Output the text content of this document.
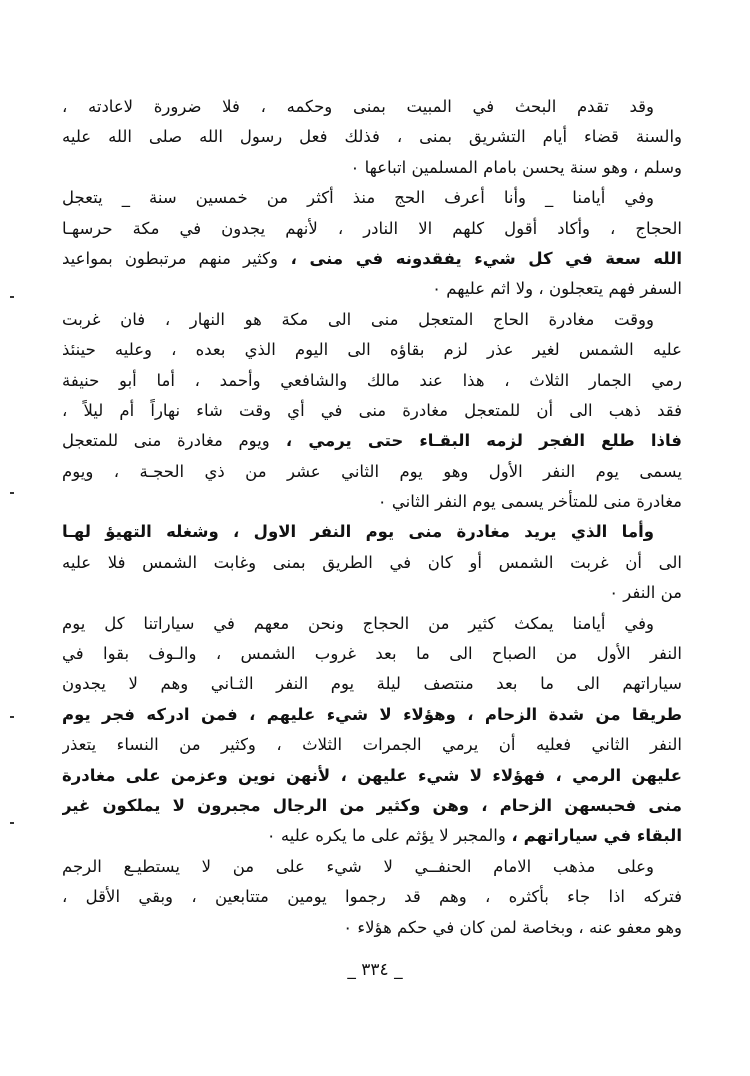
وقد تقدم البحث في المبيت بمنى وحكمه ، فلا ضرورة لاعادته ،
والسنة قضاء أيام التشريق بمنى ، فذلك فعل رسول الله صلى الله عليه
وسلم ، وهو سنة يحسن بامام المسلمين اتباعها ٠
وفي أيامنا _ وأنا أعرف الحج منذ أكثر من خمسين سنة _ يتعجل
الحجاج ، وأكاد أقول كلهم الا النادر ، لأنهم يجدون في مكة حرسهـا
الله سعة في كل شيء يفقدونه في منى ، وكثير منهم مرتبطون بمواعيد
السفر فهم يتعجلون ، ولا اثم عليهم ٠
ووقت مغادرة الحاج المتعجل منى الى مكة هو النهار ، فان غربت
عليه الشمس لغير عذر لزم بقاؤه الى اليوم الذي بعده ، وعليه حينئذ
رمي الجمار الثلاث ، هذا عند مالك والشافعي وأحمد ، أما أبو حنيفة
فقد ذهب الى أن للمتعجل مغادرة منى في أي وقت شاء نهاراً أم ليلاً ،
فاذا طلع الفجر لزمه البقـاء حتى يرمي ، ويوم مغادرة منى للمتعجل
يسمى يوم النفر الأول وهو يوم الثاني عشر من ذي الحجـة ، ويوم
مغادرة منى للمتأخر يسمى يوم النفر الثاني ٠
وأما الذي يريد مغادرة منى يوم النفر الاول ، وشغله التهيؤ لهـا
الى أن غربت الشمس أو كان في الطريق بمنى وغابت الشمس فلا عليه
من النفر ٠
وفي أيامنا يمكث كثير من الحجاج ونحن معهم في سياراتنا كل يوم
النفر الأول من الصباح الى ما بعد غروب الشمس ، والـوف بقوا في
سياراتهم الى ما بعد منتصف ليلة يوم النفر الثـاني وهم لا يجدون
طريقا من شدة الزحام ، وهؤلاء لا شيء عليهم ، فمن ادركه فجر يوم
النفر الثاني فعليه أن يرمي الجمرات الثلاث ، وكثير من النساء يتعذر
عليهن الرمي ، فهؤلاء لا شيء عليهن ، لأنهن نوين وعزمن على مغادرة
منى فحبسهن الزحام ، وهن وكثير من الرجال مجبرون لا يملكون غير
البقاء في سياراتهم ، والمجبر لا يؤثم على ما يكره عليه ٠
وعلى مذهب الامام الحنفــي لا شيء على من لا يستطيـع الرجم
فتركه اذا جاء بأكثره ، وهم قد رجموا يومين متتابعين ، وبقي الأقل ،
وهو معفو عنه ، وبخاصة لمن كان في حكم هؤلاء ٠
_ ٣٣٤ _
